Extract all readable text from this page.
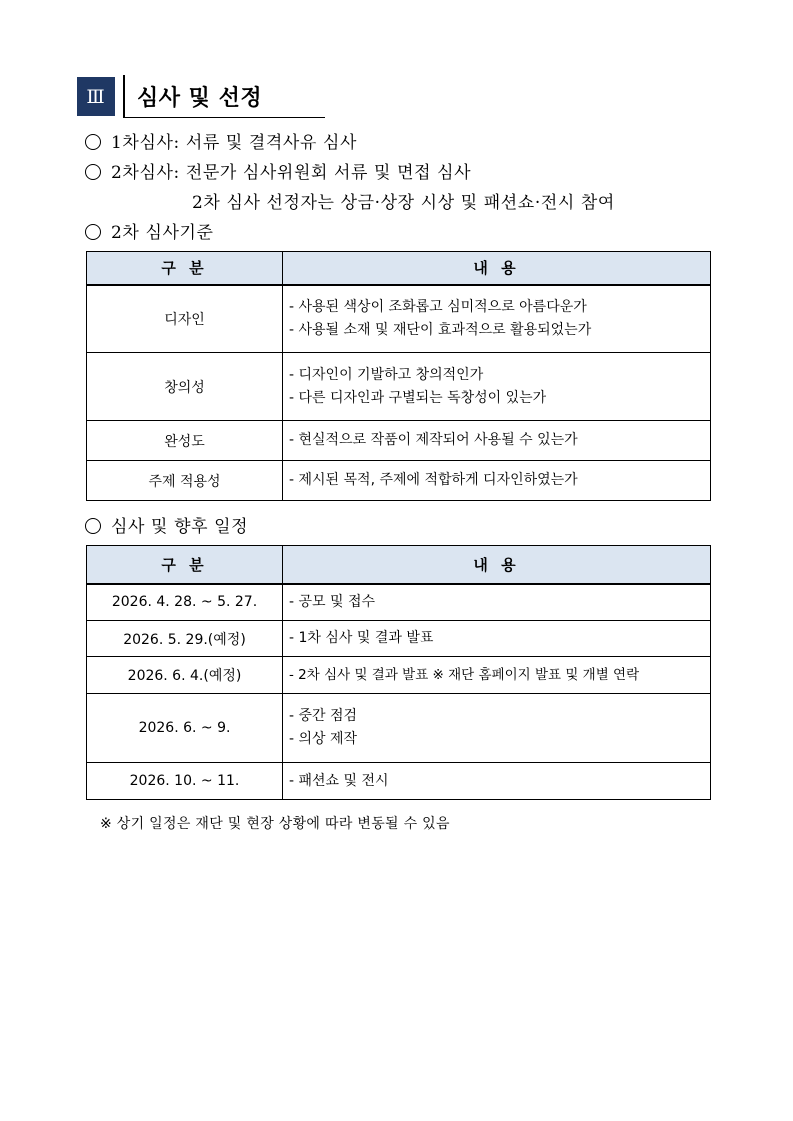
Ⅲ	심사 및 선정
1차심사: 서류 및 결격사유 심사
2차심사: 전문가 심사위원회 서류 및 면접 심사
2차 심사 선정자는 상금·상장 시상 및 패션쇼·전시 참여
2차 심사기준
구 분	내 용
디자인	- 사용된 색상이 조화롭고 심미적으로 아름다운가
- 사용될 소재 및 재단이 효과적으로 활용되었는가

창의성	- 디자인이 기발하고 창의적인가
- 다른 디자인과 구별되는 독창성이 있는가

완성도	- 현실적으로 작품이 제작되어 사용될 수 있는가

주제 적용성	- 제시된 목적, 주제에 적합하게 디자인하였는가
심사 및 향후 일정
구 분	내 용
2026. 4. 28. ~ 5. 27.	- 공모 및 접수

2026. 5. 29.(예정)	- 1차 심사 및 결과 발표

2026. 6. 4.(예정)	- 2차 심사 및 결과 발표 ※ 재단 홈페이지 발표 및 개별 연락

2026. 6. ~ 9.	- 중간 점검
- 의상 제작

2026. 10. ~ 11.	- 패션쇼 및 전시
※ 상기 일정은 재단 및 현장 상황에 따라 변동될 수 있음
